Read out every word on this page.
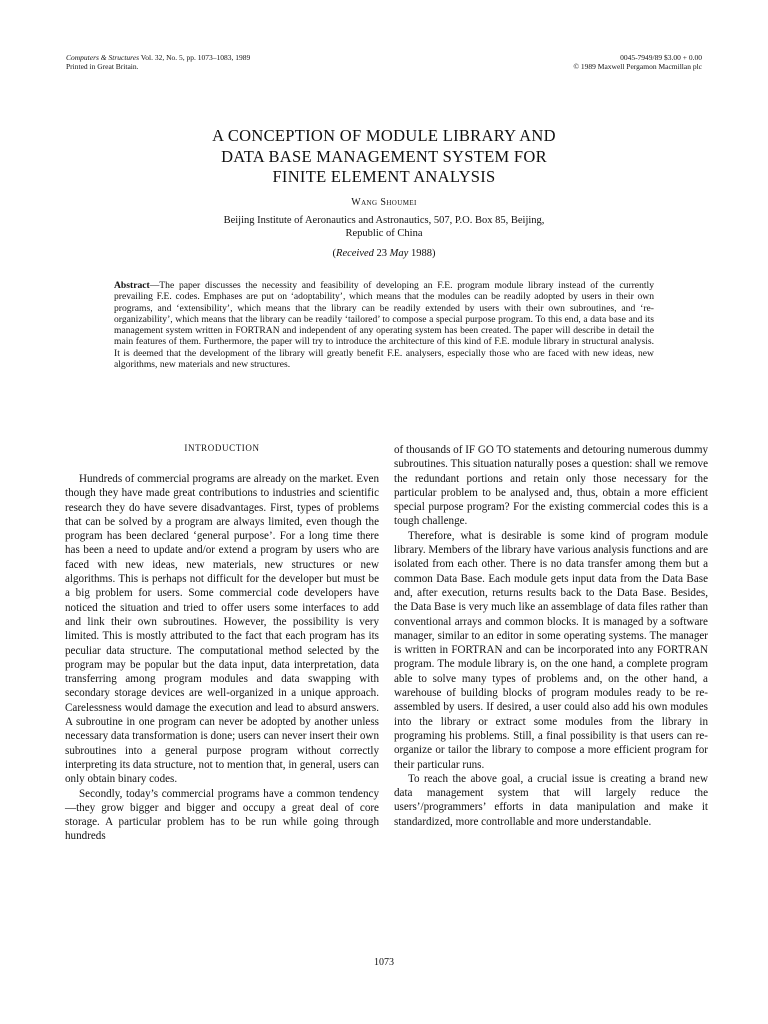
Computers & Structures Vol. 32, No. 5, pp. 1073–1083, 1989
Printed in Great Britain.
0045-7949/89 $3.00 + 0.00
© 1989 Maxwell Pergamon Macmillan plc
A CONCEPTION OF MODULE LIBRARY AND
DATA BASE MANAGEMENT SYSTEM FOR
FINITE ELEMENT ANALYSIS
Wang Shoumei
Beijing Institute of Aeronautics and Astronautics, 507, P.O. Box 85, Beijing,
Republic of China
(Received 23 May 1988)
Abstract—The paper discusses the necessity and feasibility of developing an F.E. program module library instead of the currently prevailing F.E. codes. Emphases are put on ‘adoptability’, which means that the modules can be readily adopted by users in their own programs, and ‘extensibility’, which means that the library can be readily extended by users with their own subroutines, and ‘re-organizability’, which means that the library can be readily ‘tailored’ to compose a special purpose program. To this end, a data base and its management system written in FORTRAN and independent of any operating system has been created. The paper will describe in detail the main features of them. Furthermore, the paper will try to introduce the architecture of this kind of F.E. module library in structural analysis. It is deemed that the development of the library will greatly benefit F.E. analysers, especially those who are faced with new ideas, new algorithms, new materials and new structures.
INTRODUCTION

Hundreds of commercial programs are already on the market. Even though they have made great contributions to industries and scientific research they do have severe disadvantages. First, types of problems that can be solved by a program are always limited, even though the program has been declared ‘general purpose’. For a long time there has been a need to update and/or extend a program by users who are faced with new ideas, new materials, new structures or new algorithms. This is perhaps not difficult for the developer but must be a big problem for users. Some commercial code developers have noticed the situation and tried to offer users some interfaces to add and link their own subroutines. However, the possibility is very limited. This is mostly attributed to the fact that each program has its peculiar data structure. The computational method selected by the program may be popular but the data input, data interpretation, data transferring among program modules and data swapping with secondary storage devices are well-organized in a unique approach. Carelessness would damage the execution and lead to absurd answers. A subroutine in one program can never be adopted by another unless necessary data transformation is done; users can never insert their own subroutines into a general purpose program without correctly interpreting its data structure, not to mention that, in general, users can only obtain binary codes.

Secondly, today’s commercial programs have a common tendency—they grow bigger and bigger and occupy a great deal of core storage. A particular problem has to be run while going through hundreds

of thousands of IF GO TO statements and detouring numerous dummy subroutines. This situation naturally poses a question: shall we remove the redundant portions and retain only those necessary for the particular problem to be analysed and, thus, obtain a more efficient special purpose program? For the existing commercial codes this is a tough challenge.

Therefore, what is desirable is some kind of program module library. Members of the library have various analysis functions and are isolated from each other. There is no data transfer among them but a common Data Base. Each module gets input data from the Data Base and, after execution, returns results back to the Data Base. Besides, the Data Base is very much like an assemblage of data files rather than conventional arrays and common blocks. It is managed by a software manager, similar to an editor in some operating systems. The manager is written in FORTRAN and can be incorporated into any FORTRAN program. The module library is, on the one hand, a complete program able to solve many types of problems and, on the other hand, a warehouse of building blocks of program modules ready to be re-assembled by users. If desired, a user could also add his own modules into the library or extract some modules from the library in programing his problems. Still, a final possibility is that users can re-organize or tailor the library to compose a more efficient program for their particular runs.

To reach the above goal, a crucial issue is creating a brand new data management system that will largely reduce the users’/programmers’ efforts in data manipulation and make it standardized, more controllable and more understandable.

1073
